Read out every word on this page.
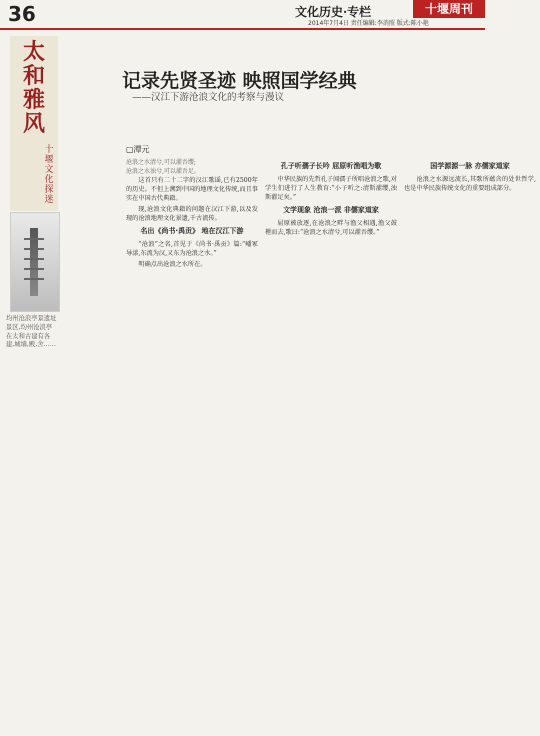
36	文化历史·专栏	十堰周刊
2014年7月4日 责任编辑:李消照 版式:陈小艳
太和雅风
十堰文化探迷
均州沧浪亭景遗址景区,均州沧浪亭在太和古建有各建,城墙,殿,舍……
记录先贤圣迹 映照国学经典
——汉江下游沧浪文化的考察与漫议
▢潭元
沧浪之水清兮,可以濯吾缨;
沧浪之水浊兮,可以濯吾足。

这首只有二十二字的汉江歌谣,已有2500年的历史。不但上溯到中国的地理文化传统,而且事实在中国古代典籍。

现,沧浪文化典籍的问题在汉江下游,以及发现的沧浪地理文化景遗,千古流传。

名出《尚书·禹贡》 地在汉江下游

“沧浪”之名,首见于《尚书·禹贡》篇:“嶓冢导漾,东流为汉,又东为沧浪之水。”

明确点出沧浪之水所在。

孔子听孺子长吟 屈原听渔唱为歌

中华民族的先哲孔子闻孺子所唱沧浪之歌,对学生们进行了人生教育:“小子听之:清斯濯缨,浊斯濯足矣。”

文学现象 沧浪一派 非儒家道家

屈原被放逐,在沧浪之畔与渔父相遇,渔父鼓枻而去,歌曰:“沧浪之水清兮,可以濯吾缨。”

国学源源一脉 亦儒家道家

沧浪之水源远流长,其歌所蕴含的处世哲学,也是中华民族传统文化的重要组成部分。
